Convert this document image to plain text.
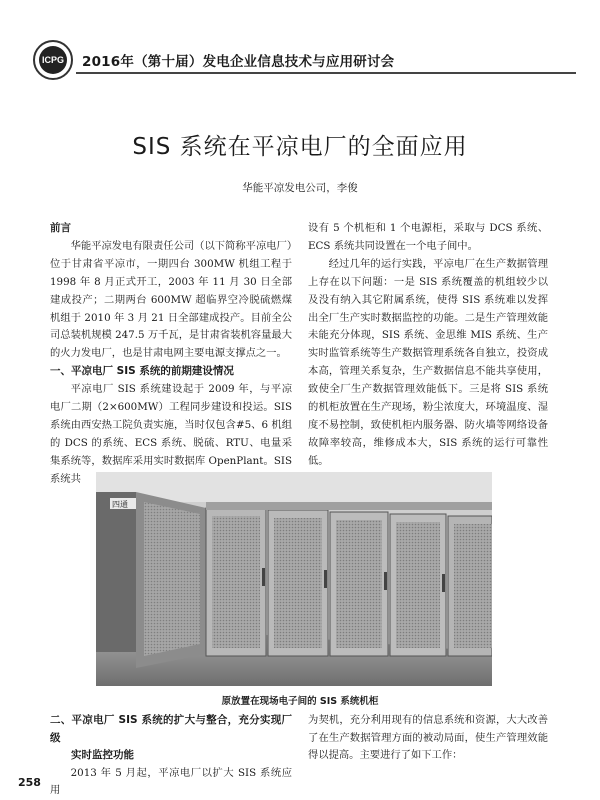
ICPG 2016年（第十届）发电企业信息技术与应用研讨会
SIS 系统在平凉电厂的全面应用
华能平凉发电公司，李俊
前言

华能平凉发电有限责任公司（以下简称平凉电厂）位于甘肃省平凉市，一期四台 300MW 机组工程于 1998 年 8 月正式开工，2003 年 11 月 30 日全部建成投产；二期两台 600MW 超临界空冷脱硫燃煤机组于 2010 年 3 月 21 日全部建成投产。目前全公司总装机规模 247.5 万千瓦，是甘肃省装机容量最大的火力发电厂，也是甘肃电网主要电源支撑点之一。

一、平凉电厂 SIS 系统的前期建设情况

平凉电厂 SIS 系统建设起于 2009 年，与平凉电厂二期（2×600MW）工程同步建设和投运。SIS 系统由西安热工院负责实施，当时仅包含#5、6 机组的 DCS 的系统、ECS 系统、脱硫、RTU、电量采集系统等，数据库采用实时数据库 OpenPlant。SIS 系统共

设有 5 个机柜和 1 个电源柜，采取与 DCS 系统、ECS 系统共同设置在一个电子间中。

经过几年的运行实践，平凉电厂在生产数据管理上存在以下问题：一是 SIS 系统覆盖的机组较少以及没有纳入其它附属系统，使得 SIS 系统难以发挥出全厂生产实时数据监控的功能。二是生产管理效能未能充分体现，SIS 系统、金思维 MIS 系统、生产实时监管系统等生产数据管理系统各自独立，投资成本高，管理关系复杂，生产数据信息不能共享使用，致使全厂生产数据管理效能低下。三是将 SIS 系统的机柜放置在生产现场，粉尘浓度大，环境温度、湿度不易控制，致使机柜内服务器、防火墙等网络设备故障率较高，维修成本大，SIS 系统的运行可靠性低。

四通
原放置在现场电子间的 SIS 系统机柜
二、平凉电厂 SIS 系统的扩大与整合，充分实现厂级
实时监控功能

2013 年 5 月起，平凉电厂以扩大 SIS 系统应用

为契机，充分利用现有的信息系统和资源，大大改善了在生产数据管理方面的被动局面，使生产管理效能得以提高。主要进行了如下工作：

258
